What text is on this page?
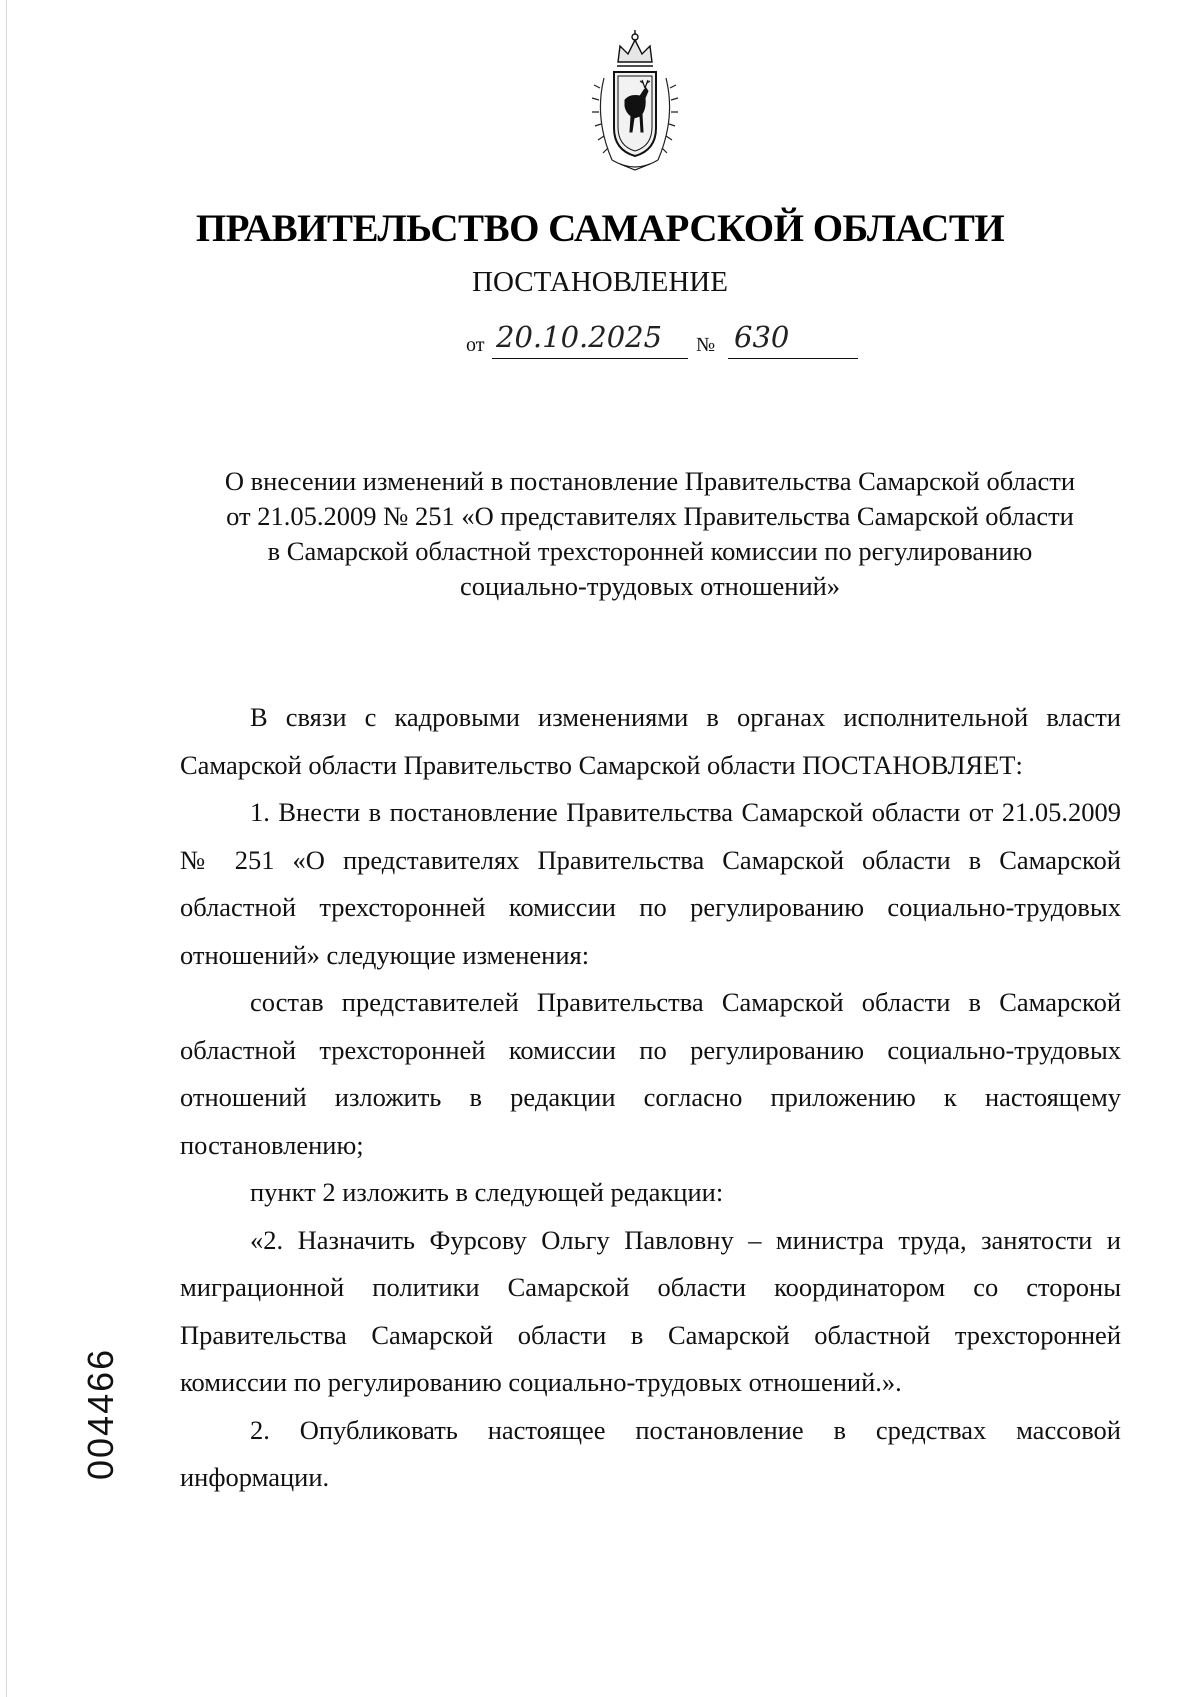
ПРАВИТЕЛЬСТВО САМАРСКОЙ ОБЛАСТИ
ПОСТАНОВЛЕНИЕ
от 20.10.2025 № 630
О внесении изменений в постановление Правительства Самарской области
от 21.05.2009 № 251 «О представителях Правительства Самарской области
в Самарской областной трехсторонней комиссии по регулированию
социально-трудовых отношений»

В связи с кадровыми изменениями в органах исполнительной власти Самарской области Правительство Самарской области ПОСТАНОВЛЯЕТ:

1. Внести в постановление Правительства Самарской области от 21.05.2009 № 251 «О представителях Правительства Самарской области в Самарской областной трехсторонней комиссии по регулированию социально-трудовых отношений» следующие изменения:

состав представителей Правительства Самарской области в Самарской областной трехсторонней комиссии по регулированию социально-трудовых отношений изложить в редакции согласно приложению к настоящему постановлению;

пункт 2 изложить в следующей редакции:

«2. Назначить Фурсову Ольгу Павловну – министра труда, занятости и миграционной политики Самарской области координатором со стороны Правительства Самарской области в Самарской областной трехсторонней комиссии по регулированию социально-трудовых отношений.».

2. Опубликовать настоящее постановление в средствах массовой информации.

004466
